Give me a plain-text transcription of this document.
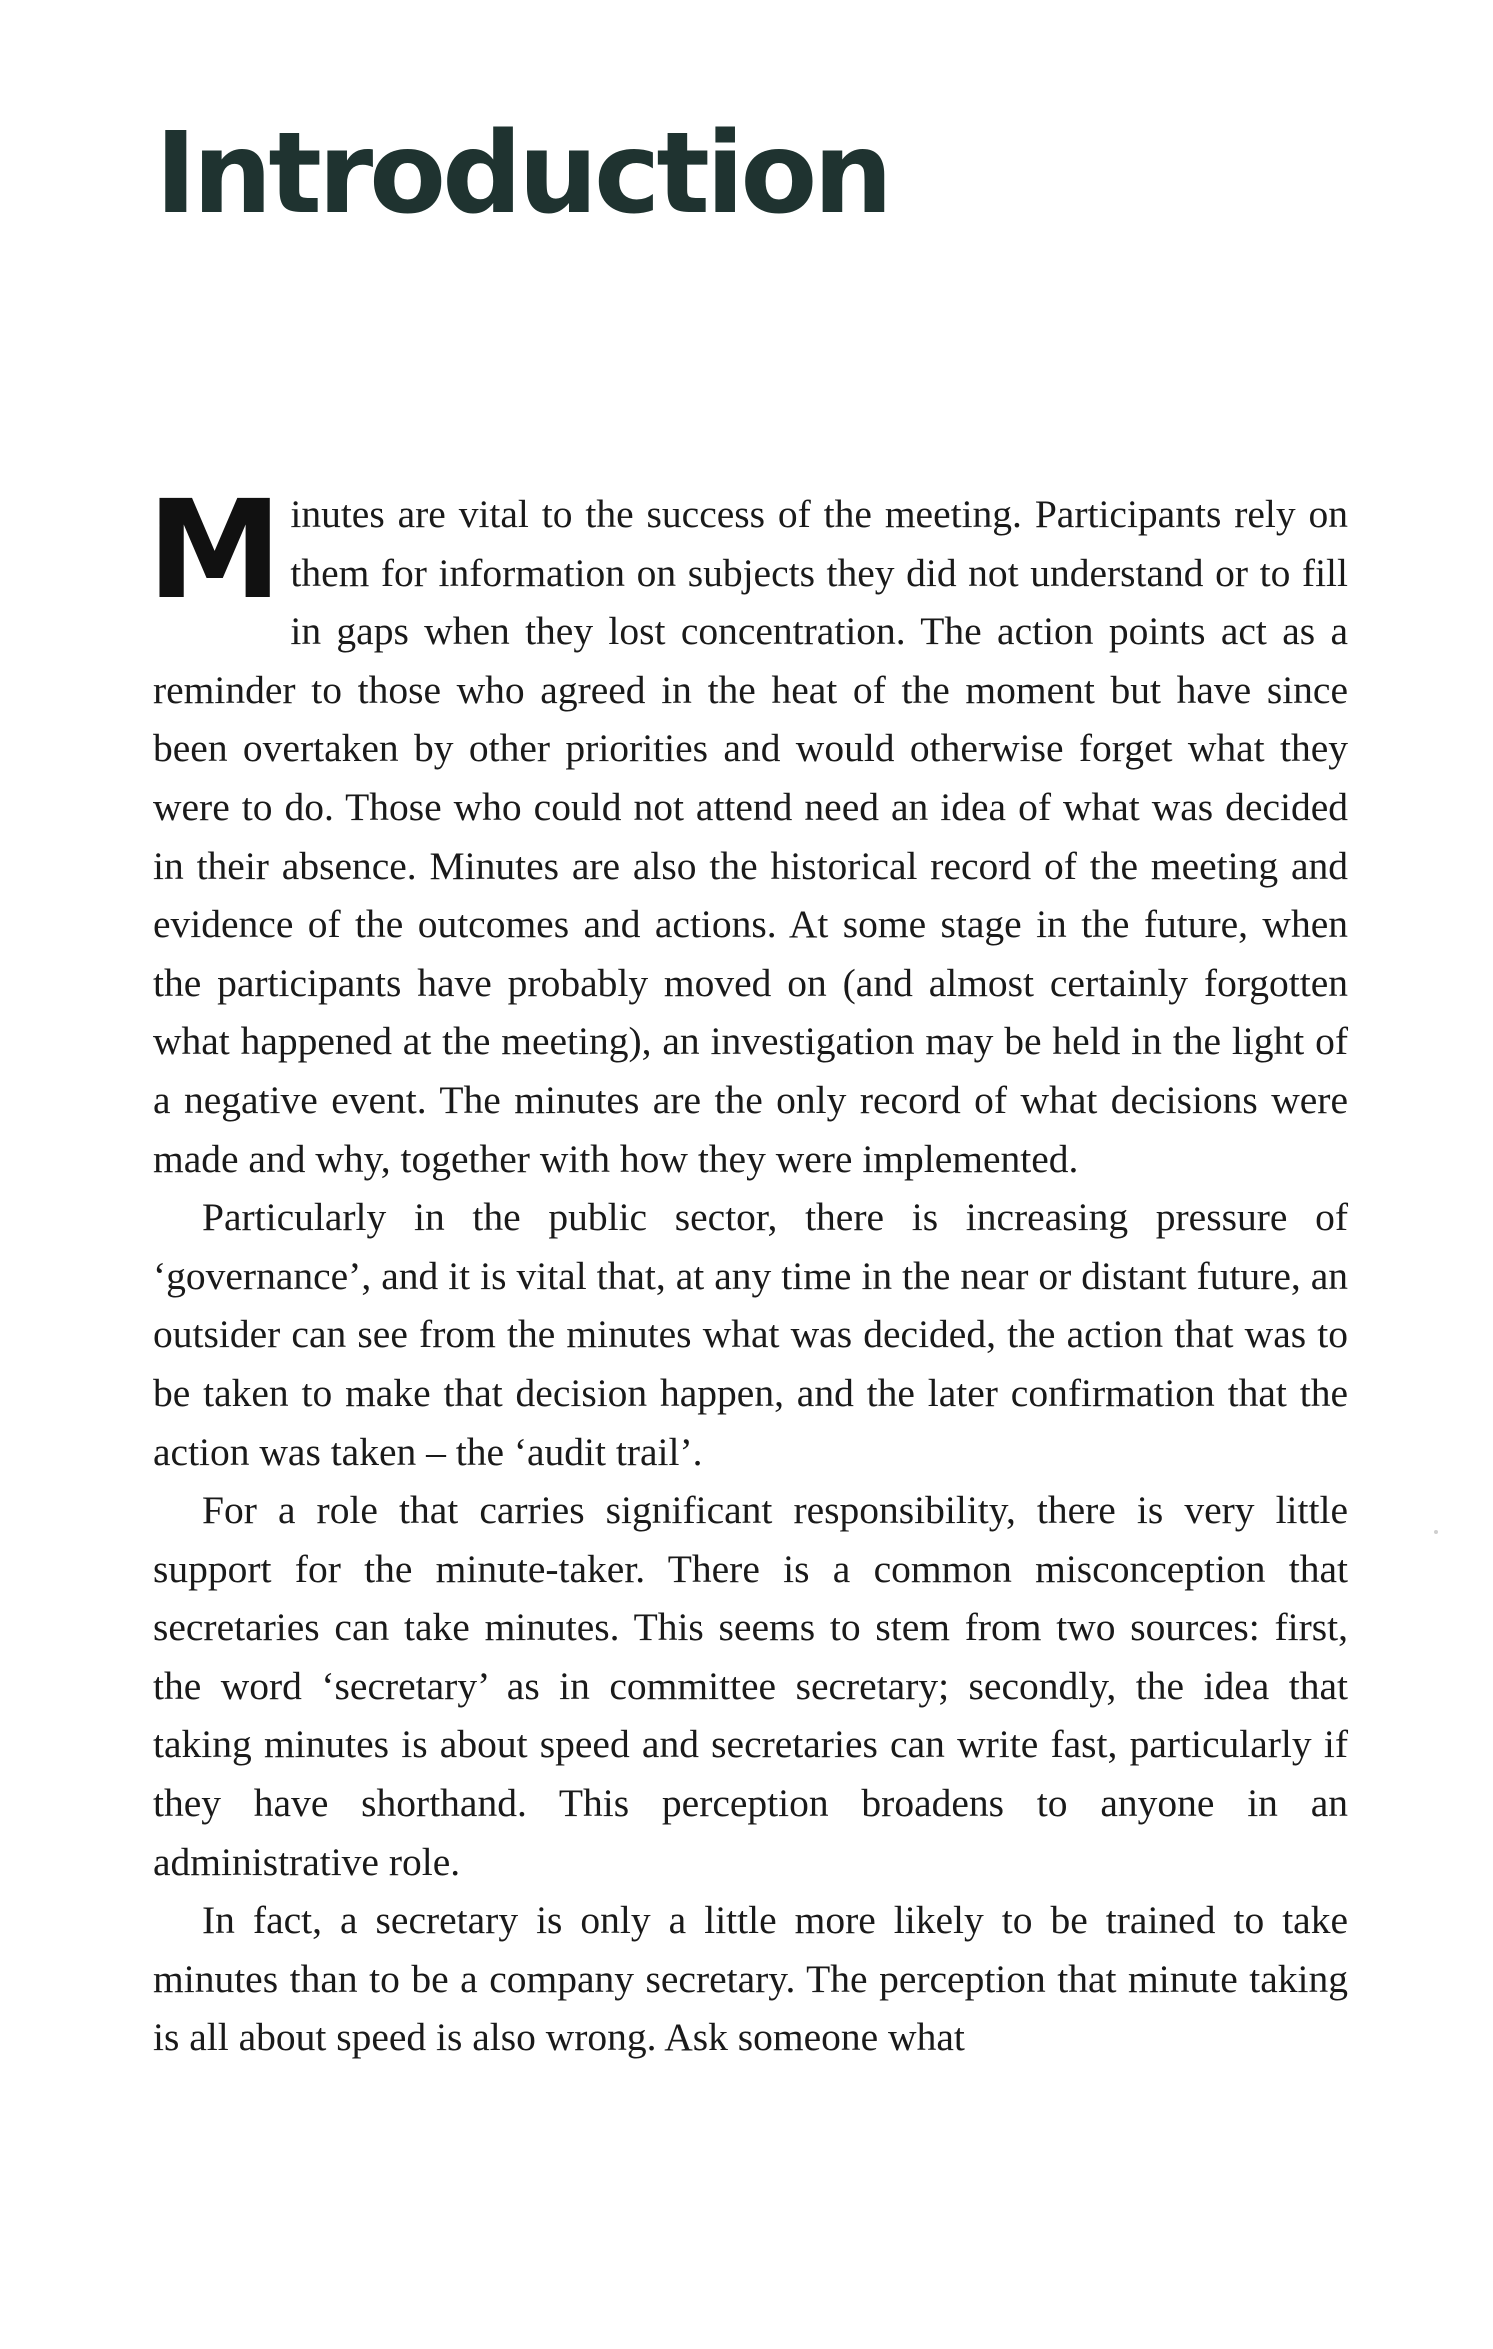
Introduction

Minutes are vital to the success of the meeting. Participants rely on them for information on subjects they did not understand or to fill in gaps when they lost concentration. The action points act as a reminder to those who agreed in the heat of the moment but have since been overtaken by other priorities and would otherwise forget what they were to do. Those who could not attend need an idea of what was decided in their absence. Minutes are also the historical record of the meeting and evidence of the outcomes and actions. At some stage in the future, when the participants have probably moved on (and almost certainly forgotten what happened at the meeting), an investigation may be held in the light of a negative event. The minutes are the only record of what decisions were made and why, together with how they were implemented.

Particularly in the public sector, there is increasing pressure of ‘governance’, and it is vital that, at any time in the near or distant future, an outsider can see from the minutes what was decided, the action that was to be taken to make that decision happen, and the later confirmation that the action was taken – the ‘audit trail’.

For a role that carries significant responsibility, there is very little support for the minute-taker. There is a common misconception that secretaries can take minutes. This seems to stem from two sources: first, the word ‘secretary’ as in committee secretary; secondly, the idea that taking minutes is about speed and secretaries can write fast, particularly if they have shorthand. This perception broadens to anyone in an administrative role.

In fact, a secretary is only a little more likely to be trained to take minutes than to be a company secretary. The perception that minute taking is all about speed is also wrong. Ask someone what
